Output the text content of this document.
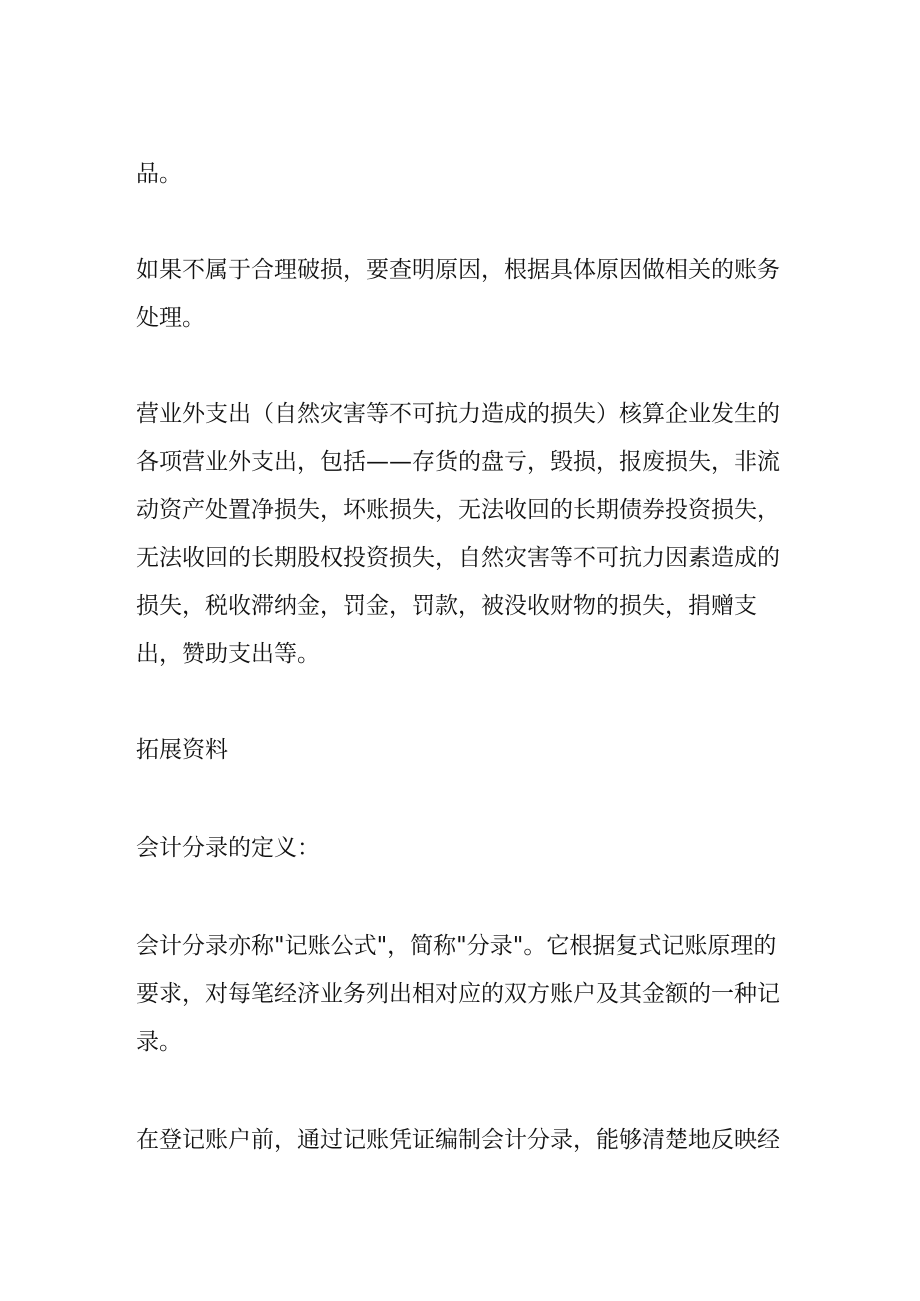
品。

如果不属于合理破损，要查明原因，根据具体原因做相关的账务处理。

营业外支出（自然灾害等不可抗力造成的损失）核算企业发生的各项营业外支出，包括——存货的盘亏，毁损，报废损失，非流动资产处置净损失，坏账损失，无法收回的长期债券投资损失，无法收回的长期股权投资损失，自然灾害等不可抗力因素造成的损失，税收滞纳金，罚金，罚款，被没收财物的损失，捐赠支出，赞助支出等。

拓展资料

会计分录的定义：

会计分录亦称"记账公式"，简称"分录"。它根据复式记账原理的要求，对每笔经济业务列出相对应的双方账户及其金额的一种记录。

在登记账户前，通过记账凭证编制会计分录，能够清楚地反映经
